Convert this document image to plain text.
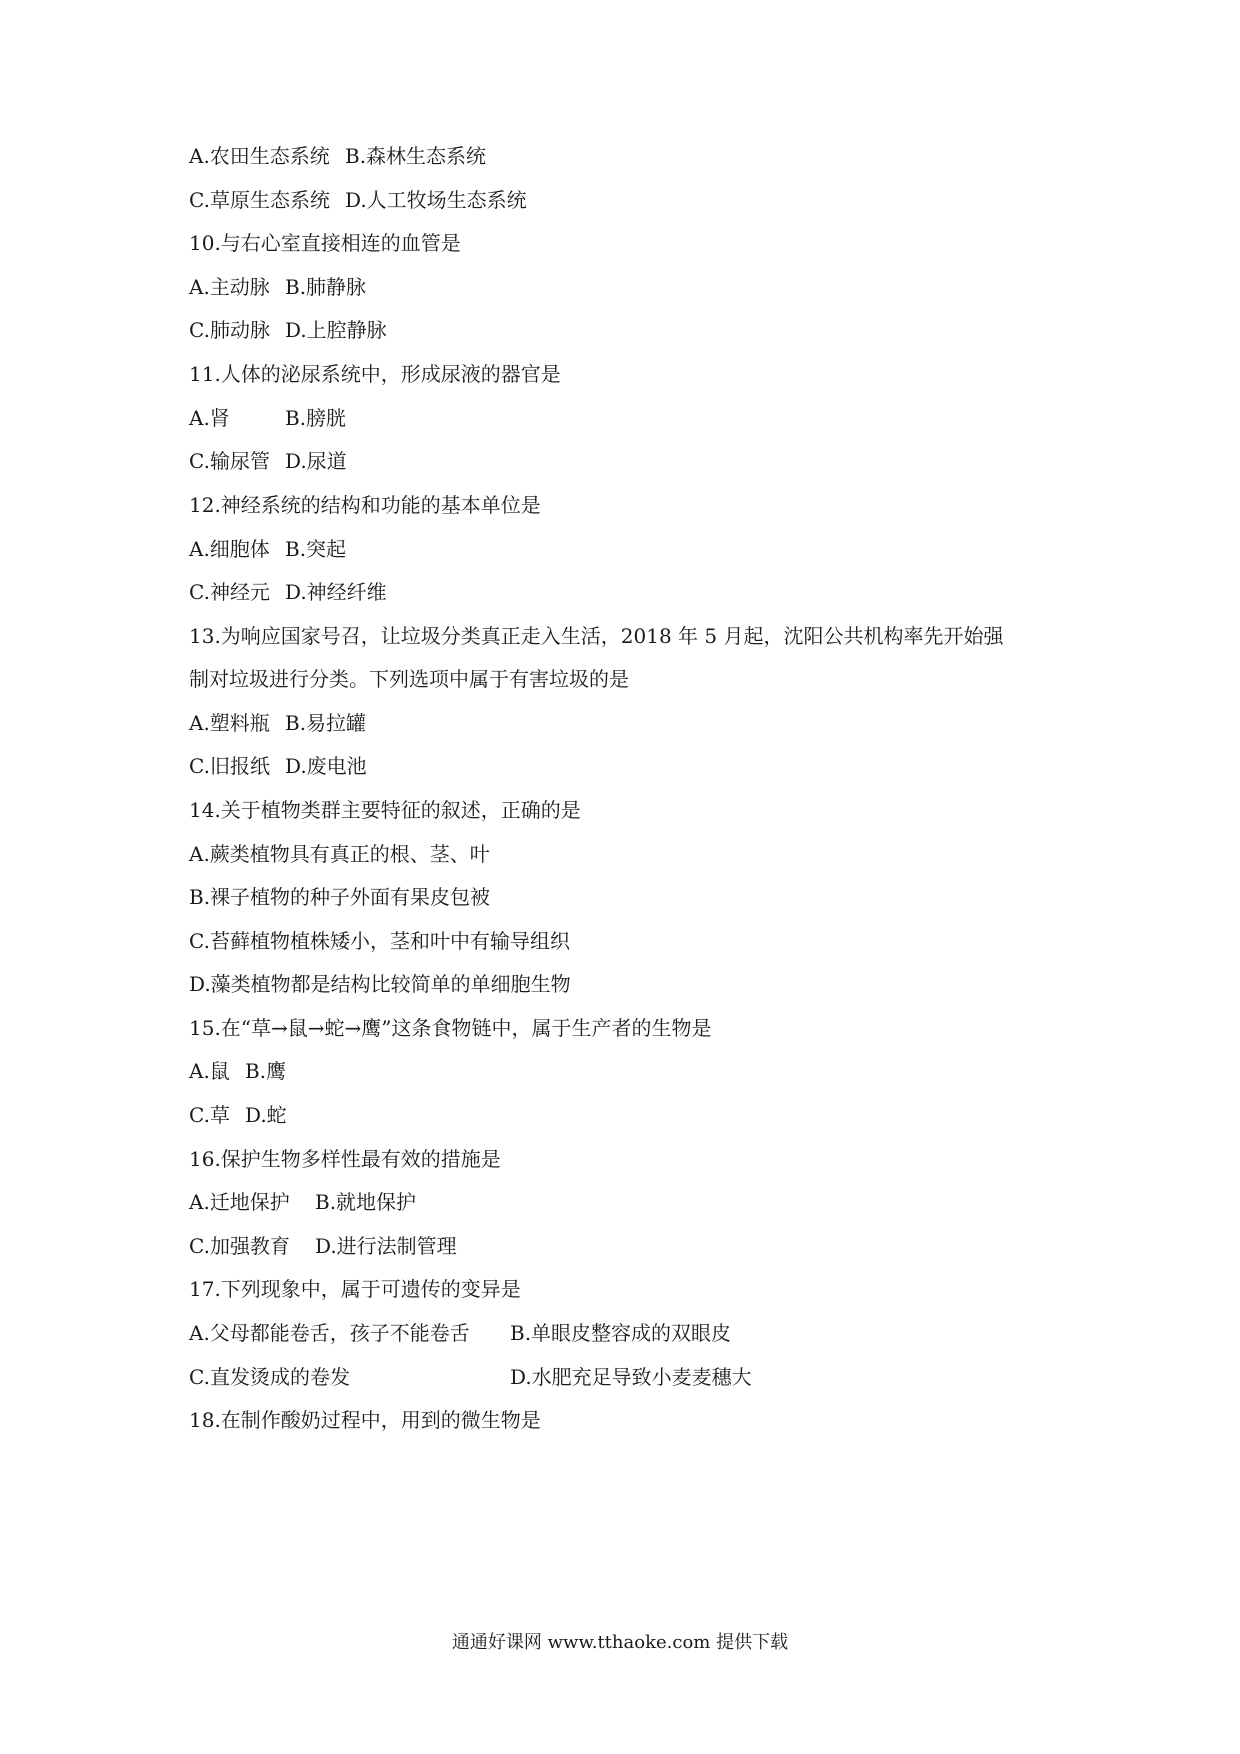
A.农田生态系统 B.森林生态系统
C.草原生态系统 D.人工牧场生态系统
10.与右心室直接相连的血管是
A.主动脉 B.肺静脉
C.肺动脉 D.上腔静脉
11.人体的泌尿系统中，形成尿液的器官是
A.肾	B.膀胱
C.输尿管 D.尿道
12.神经系统的结构和功能的基本单位是
A.细胞体 B.突起
C.神经元 D.神经纤维
13.为响应国家号召，让垃圾分类真正走入生活，2018 年 5 月起，沈阳公共机构率先开始强
制对垃圾进行分类。下列选项中属于有害垃圾的是
A.塑料瓶 B.易拉罐
C.旧报纸 D.废电池
14.关于植物类群主要特征的叙述，正确的是
A.蕨类植物具有真正的根、茎、叶
B.裸子植物的种子外面有果皮包被
C.苔藓植物植株矮小，茎和叶中有输导组织
D.藻类植物都是结构比较简单的单细胞生物
15.在“草→鼠→蛇→鹰”这条食物链中，属于生产者的生物是
A.鼠 B.鹰
C.草 D.蛇
16.保护生物多样性最有效的措施是
A.迁地保护 B.就地保护
C.加强教育 D.进行法制管理
17.下列现象中，属于可遗传的变异是
A.父母都能卷舌，孩子不能卷舌 B.单眼皮整容成的双眼皮
C.直发烫成的卷发	D.水肥充足导致小麦麦穗大
18.在制作酸奶过程中，用到的微生物是
通通好课网 www.tthaoke.com 提供下载
